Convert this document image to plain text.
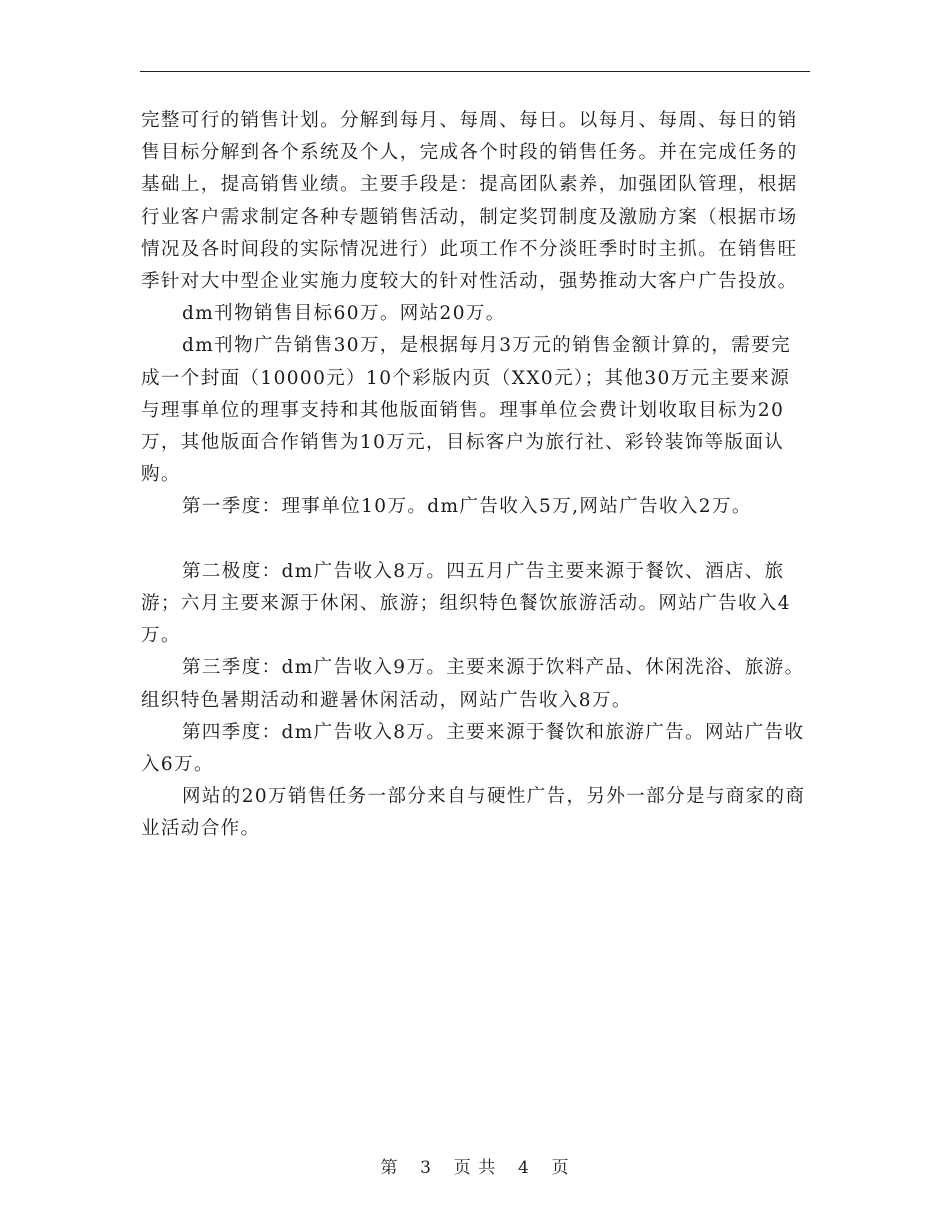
完整可行的销售计划。分解到每月、每周、每日。以每月、每周、每日的销售目标分解到各个系统及个人，完成各个时段的销售任务。并在完成任务的基础上，提高销售业绩。主要手段是：提高团队素养，加强团队管理，根据行业客户需求制定各种专题销售活动，制定奖罚制度及激励方案（根据市场情况及各时间段的实际情况进行）此项工作不分淡旺季时时主抓。在销售旺季针对大中型企业实施力度较大的针对性活动，强势推动大客户广告投放。

dm刊物销售目标60万。网站20万。

dm刊物广告销售30万，是根据每月3万元的销售金额计算的，需要完成一个封面（10000元）10个彩版内页（XX0元）；其他30万元主要来源与理事单位的理事支持和其他版面销售。理事单位会费计划收取目标为20万，其他版面合作销售为10万元，目标客户为旅行社、彩铃装饰等版面认购。

第一季度：理事单位10万。dm广告收入5万,网站广告收入2万。

第二极度：dm广告收入8万。四五月广告主要来源于餐饮、酒店、旅游；六月主要来源于休闲、旅游；组织特色餐饮旅游活动。网站广告收入4万。

第三季度：dm广告收入9万。主要来源于饮料产品、休闲洗浴、旅游。组织特色暑期活动和避暑休闲活动，网站广告收入8万。

第四季度：dm广告收入8万。主要来源于餐饮和旅游广告。网站广告收入6万。

网站的20万销售任务一部分来自与硬性广告，另外一部分是与商家的商业活动合作。

第 3 页 共 4 页
